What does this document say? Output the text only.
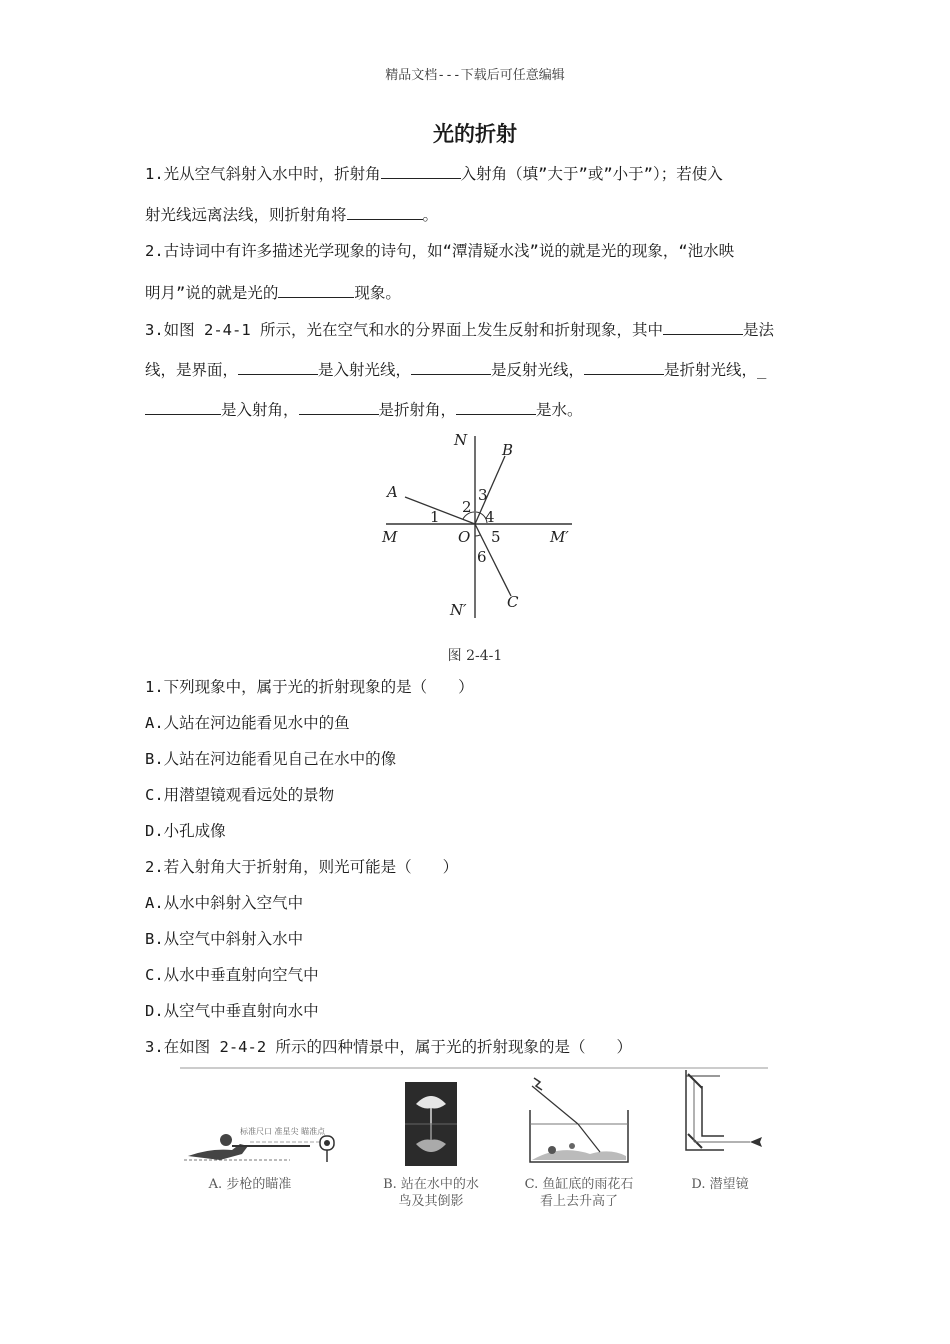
精品文档---下载后可任意编辑
光的折射
1.光从空气斜射入水中时，折射角	入射角（填”大于”或”小于”）；若使入
射光线远离法线，则折射角将	。
2.古诗词中有许多描述光学现象的诗句，如“潭清疑水浅”说的就是光的现象，“池水映
明月”说的就是光的	现象。
3.如图 2-4-1 所示，光在空气和水的分界面上发生反射和折射现象，其中	是法
线，是界面，	是入射光线，	是反射光线，	是折射光线，_
是入射角，	是折射角，	是水。
N
B
A
2
3
4
1
M	O 5	M′
6
C
N′
图 2-4-1
1.下列现象中，属于光的折射现象的是（　　）
A.人站在河边能看见水中的鱼
B.人站在河边能看见自己在水中的像
C.用潜望镜观看远处的景物
D.小孔成像
2.若入射角大于折射角，则光可能是（　　）
A.从水中斜射入空气中
B.从空气中斜射入水中
C.从水中垂直射向空气中
D.从空气中垂直射向水中
3.在如图 2-4-2 所示的四种情景中，属于光的折射现象的是（　　）
标准尺口 准星尖 瞄准点
A. 步枪的瞄准	B. 站在水中的水
鸟及其倒影
C. 鱼缸底的雨花石
看上去升高了
D. 潜望镜
